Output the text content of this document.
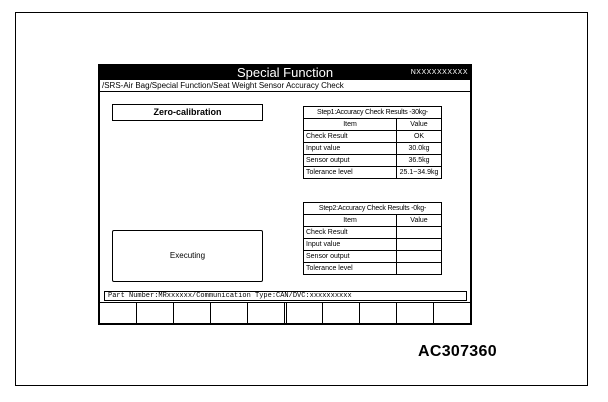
Special Function	NXXXXXXXXXX
/SRS-Air Bag/Special Function/Seat Weight Sensor Accuracy Check
Zero-calibration
Executing
Step1:Accuracy Check Results -30kg-	
Item	Value
Check Result	OK
Input value	30.0kg
Sensor output	36.5kg
Tolerance level	25.1~34.9kg
Step2:Accuracy Check Results -0kg-	
Item	Value
Check Result	
Input value	
Sensor output	
Tolerance level	
Part Number:MRxxxxxx/Communication Type:CAN/DVC:xxxxxxxxxx
AC307360
